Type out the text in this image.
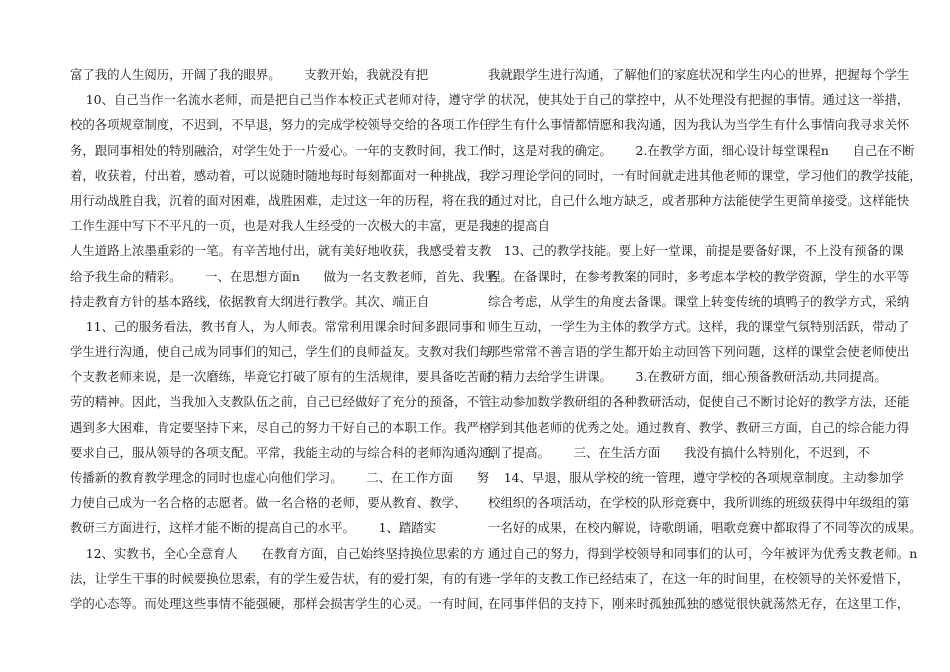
富了我的人生阅历，开阔了我的眼界。      支教开始，我就没有把
10、自己当作一名流水老师，而是把自己当作本校正式老师对待，遵守学
校的各项规章制度，不迟到，不早退，努力的完成学校领导交给的各项工作任
务，跟同事相处的特别融洽，对学生处于一片爱心。一年的支教时间，我工作
着，收获着，付出着，感动着，可以说随时随地每时每刻都面对一种挑战，我
用行动战胜自我，沉着的面对困难，战胜困难，走过这一年的历程，将在我的
工作生涯中写下不平凡的一页，也是对我人生经受的一次极大的丰富，更是我
人生道路上浓墨重彩的一笔。有辛苦地付出，就有美好地收获，我感受着支教
给予我生命的精彩。      一、在思想方面n      做为一名支教老师，首先、我坚
持走教育方针的基本路线，依据教育大纲进行教学。其次、端正自
11、己的服务看法，教书育人，为人师表。常常利用课余时间多跟同事和
学生进行沟通，使自己成为同事们的知己，学生们的良师益友。支教对我们每
个支教老师来说，是一次磨练，毕竟它打破了原有的生活规律，要具备吃苦耐
劳的精神。因此，当我加入支教队伍之前，自己已经做好了充分的预备，不管
遇到多大困难，肯定要坚持下来，尽自己的努力干好自己的本职工作。我严格
要求自己，服从领导的各项支配。平常，我能主动的与综合科的老师沟通沟通，
传播新的教育教学理念的同时也虚心向他们学习。      二、在工作方面      努
力使自己成为一名合格的志愿者。做一名合格的老师，要从教育、教学、
教研三方面进行，这样才能不断的提高自己的水平。      1、踏踏实
12、实教书，全心全意育人      在教育方面，自己始终坚持换位思索的方
法，让学生干事的时候要换位思索，有的学生爱告状，有的爱打架，有的有逃
学的心态等。而处理这些事情不能强硬，那样会损害学生的心灵。一有时间，
我就跟学生进行沟通，了解他们的家庭状况和学生内心的世界，把握每个学生
的状况，使其处于自己的掌控中，从不处理没有把握的事情。通过这一举措，
学生有什么事情都情愿和我沟通，因为我认为当学生有什么事情向我寻求关怀
时，这是对我的确定。      2.在教学方面，细心设计每堂课程n      自己在不断
学习理论学问的同时，一有时间就走进其他老师的课堂，学习他们的教学技能，
通过对比，自己什么地方缺乏，或者那种方法能使学生更简单接受。这样能快
速的提高自
13、己的教学技能。要上好一堂课，前提是要备好课，不上没有预备的课
程。在备课时，在参考教案的同时，多考虑本学校的教学资源，学生的水平等
综合考虑，从学生的角度去备课。课堂上转变传统的填鸭子的教学方式，采纳
师生互动，一学生为主体的教学方式。这样，我的课堂气氛特别活跃，带动了
那些常常不善言语的学生都开始主动回答下列问题，这样的课堂会使老师使出
的精力去给学生讲课。      3.在教研方面，细心预备教研活动,共同提高。
主动参加数学教研组的各种教研活动，促使自己不断讨论好的教学方法，还能
学到其他老师的优秀之处。通过教育、教学、教研三方面，自己的综合能力得
到了提高。      三、在生活方面      我没有搞什么特别化，不迟到，不
14、早退，服从学校的统一管理，遵守学校的各项规章制度。主动参加学
校组织的各项活动，在学校的队形竞赛中，我所训练的班级获得中年级组的第
一名好的成果，在校内解说，诗歌朗诵，唱歌竞赛中都取得了不同等次的成果。
通过自己的努力，得到学校领导和同事们的认可，今年被评为优秀支教老师。n
一学年的支教工作已经结束了，在这一年的时间里，在校领导的关怀爱惜下，
在同事伴侣的支持下，刚来时孤独孤独的感觉很快就荡然无存，在这里工作，
